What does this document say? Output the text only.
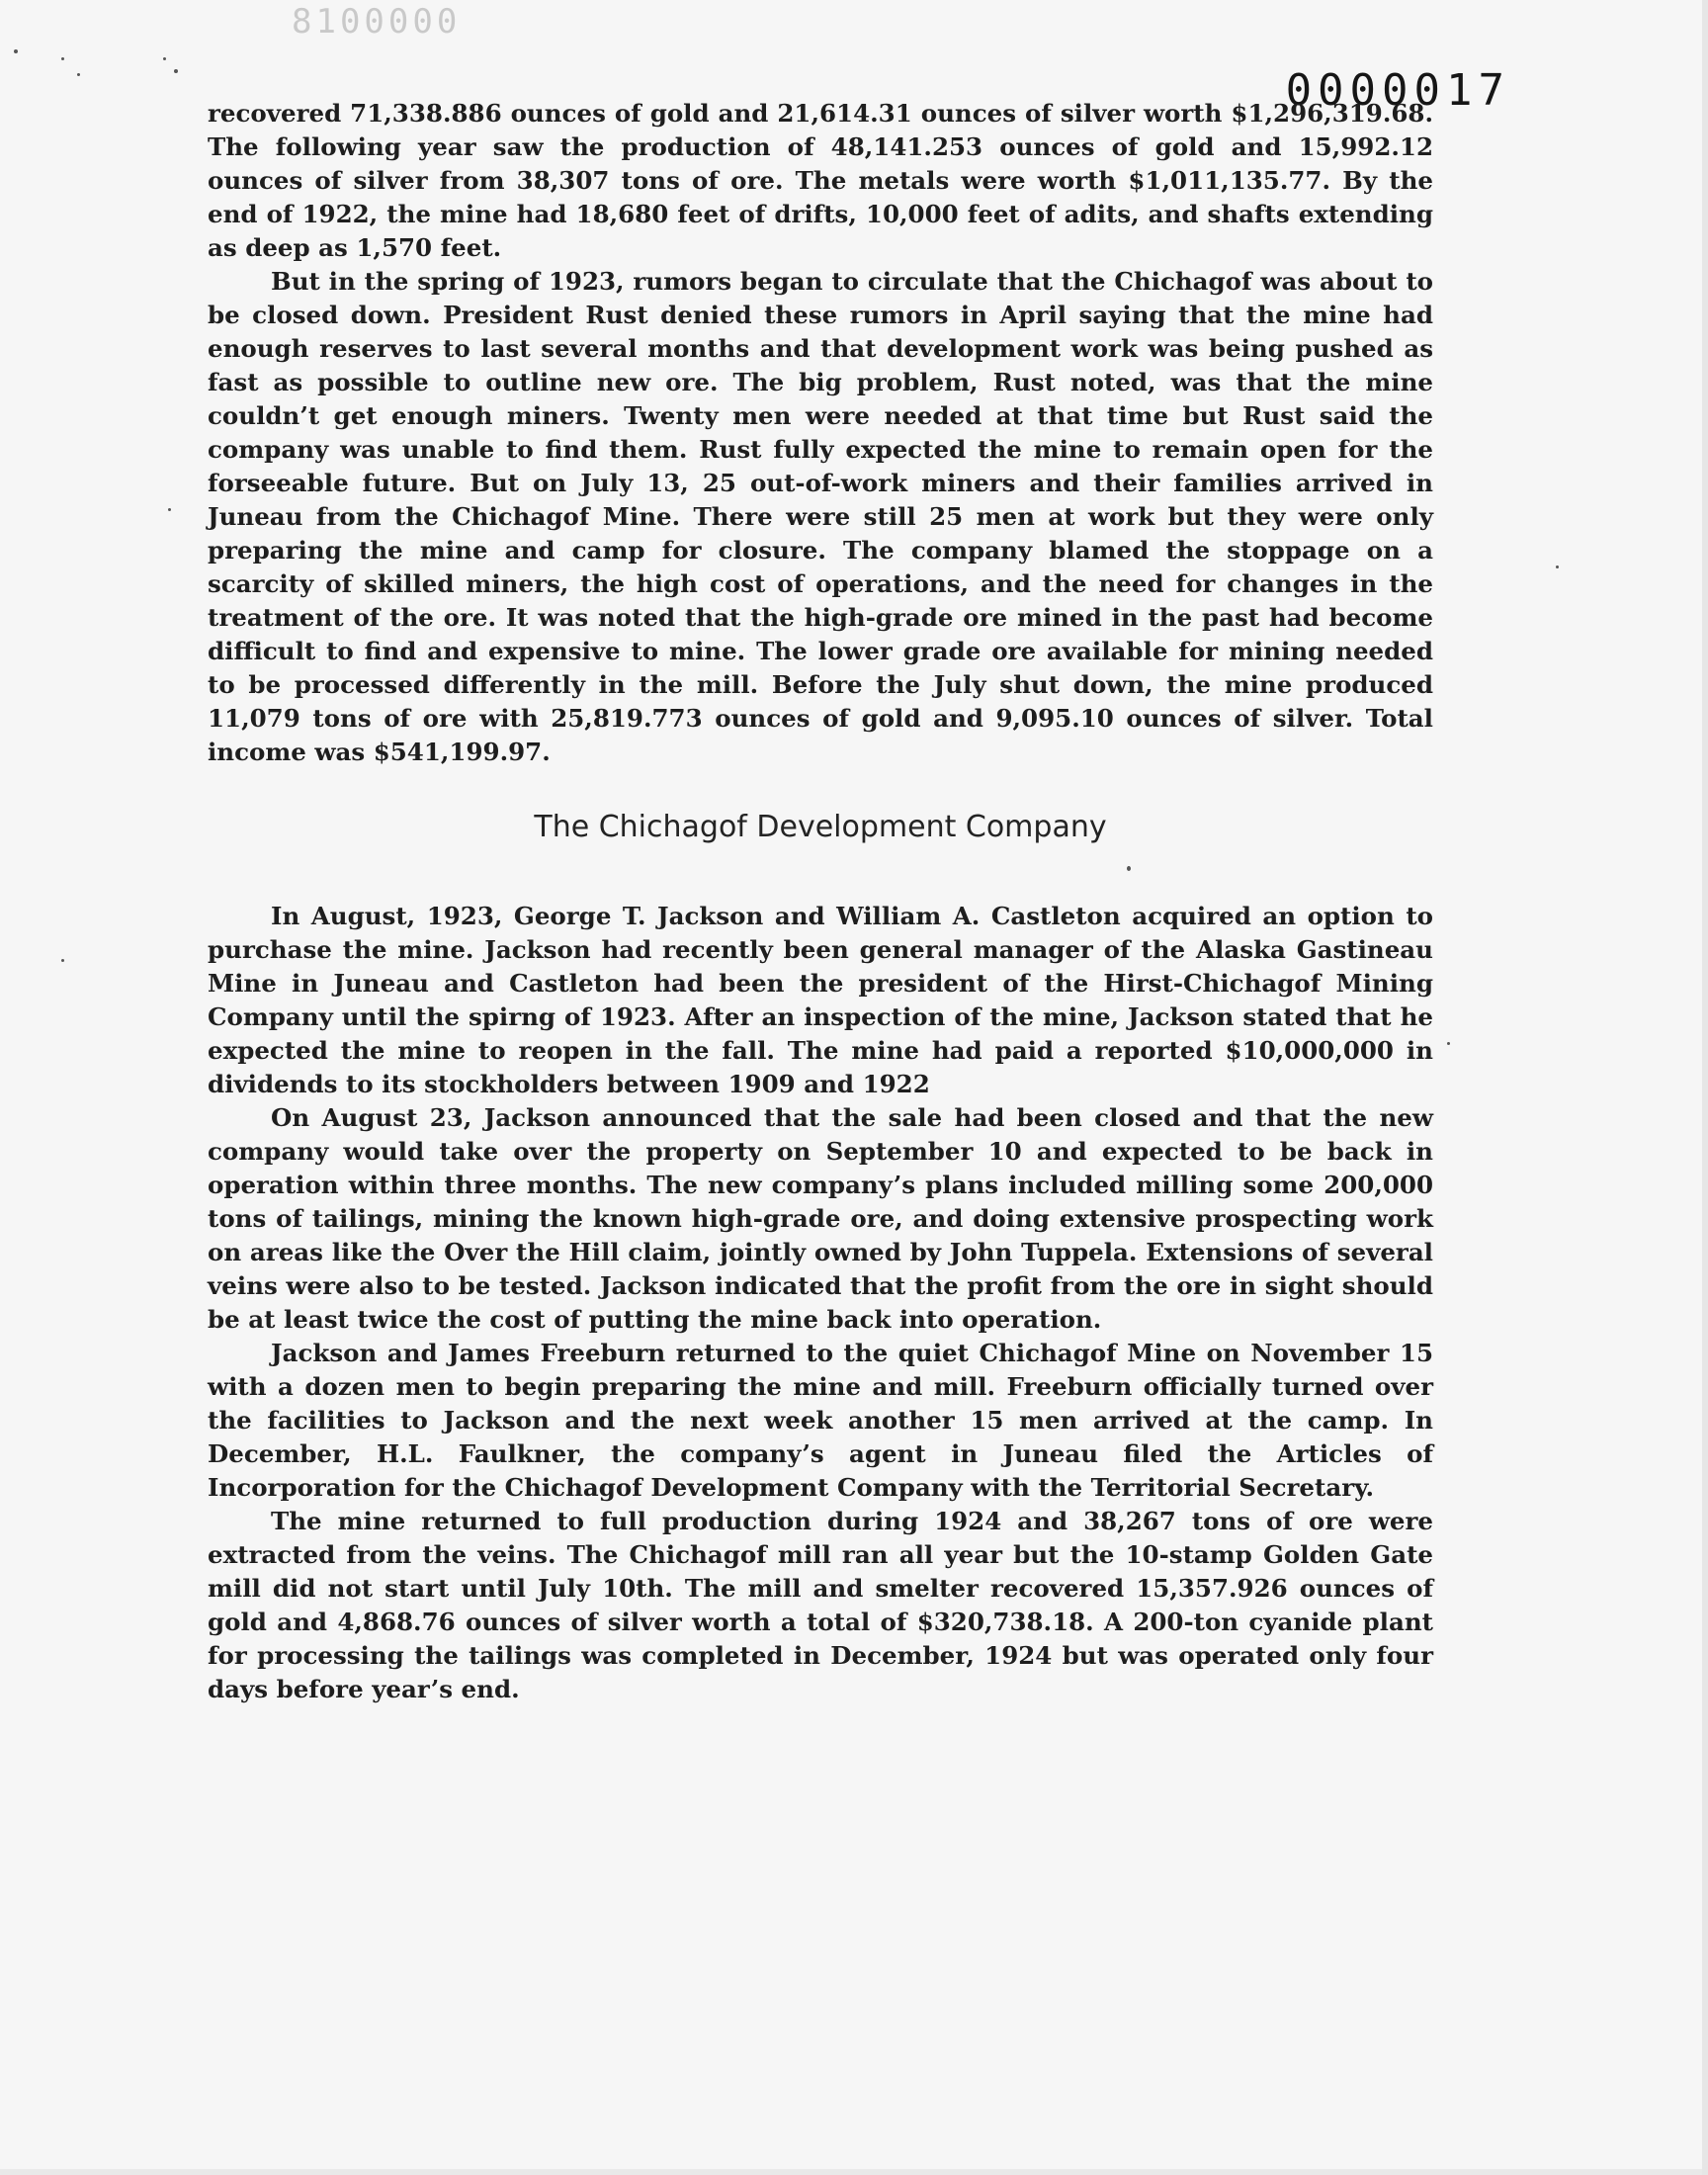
8100000
0000017

recovered 71,338.886 ounces of gold and 21,614.31 ounces of silver worth $1,296,319.68. The following year saw the production of 48,141.253 ounces of gold and 15,992.12 ounces of silver from 38,307 tons of ore. The metals were worth $1,011,135.77. By the end of 1922, the mine had 18,680 feet of drifts, 10,000 feet of adits, and shafts extending as deep as 1,570 feet.

But in the spring of 1923, rumors began to circulate that the Chichagof was about to be closed down. President Rust denied these rumors in April saying that the mine had enough reserves to last several months and that development work was being pushed as fast as possible to outline new ore. The big problem, Rust noted, was that the mine couldn’t get enough miners. Twenty men were needed at that time but Rust said the company was unable to find them. Rust fully expected the mine to remain open for the forseeable future. But on July 13, 25 out-of-work miners and their families arrived in Juneau from the Chichagof Mine. There were still 25 men at work but they were only preparing the mine and camp for closure. The company blamed the stoppage on a scarcity of skilled miners, the high cost of operations, and the need for changes in the treatment of the ore. It was noted that the high-grade ore mined in the past had become difficult to find and expensive to mine. The lower grade ore available for mining needed to be processed differently in the mill. Before the July shut down, the mine produced 11,079 tons of ore with 25,819.773 ounces of gold and 9,095.10 ounces of silver. Total income was $541,199.97.

The Chichagof Development Company

In August, 1923, George T. Jackson and William A. Castleton acquired an option to purchase the mine. Jackson had recently been general manager of the Alaska Gastineau Mine in Juneau and Castleton had been the president of the Hirst-Chichagof Mining Company until the spirng of 1923. After an inspection of the mine, Jackson stated that he expected the mine to reopen in the fall. The mine had paid a reported $10,000,000 in dividends to its stockholders between 1909 and 1922

On August 23, Jackson announced that the sale had been closed and that the new company would take over the property on September 10 and expected to be back in operation within three months. The new company’s plans included milling some 200,000 tons of tailings, mining the known high-grade ore, and doing extensive prospecting work on areas like the Over the Hill claim, jointly owned by John Tuppela. Extensions of several veins were also to be tested. Jackson indicated that the profit from the ore in sight should be at least twice the cost of putting the mine back into operation.

Jackson and James Freeburn returned to the quiet Chichagof Mine on November 15 with a dozen men to begin preparing the mine and mill. Freeburn officially turned over the facilities to Jackson and the next week another 15 men arrived at the camp. In December, H.L. Faulkner, the company’s agent in Juneau filed the Articles of Incorporation for the Chichagof Development Company with the Territorial Secretary.

The mine returned to full production during 1924 and 38,267 tons of ore were extracted from the veins. The Chichagof mill ran all year but the 10-stamp Golden Gate mill did not start until July 10th. The mill and smelter recovered 15,357.926 ounces of gold and 4,868.76 ounces of silver worth a total of $320,738.18. A 200-ton cyanide plant for processing the tailings was completed in December, 1924 but was operated only four days before year’s end.
